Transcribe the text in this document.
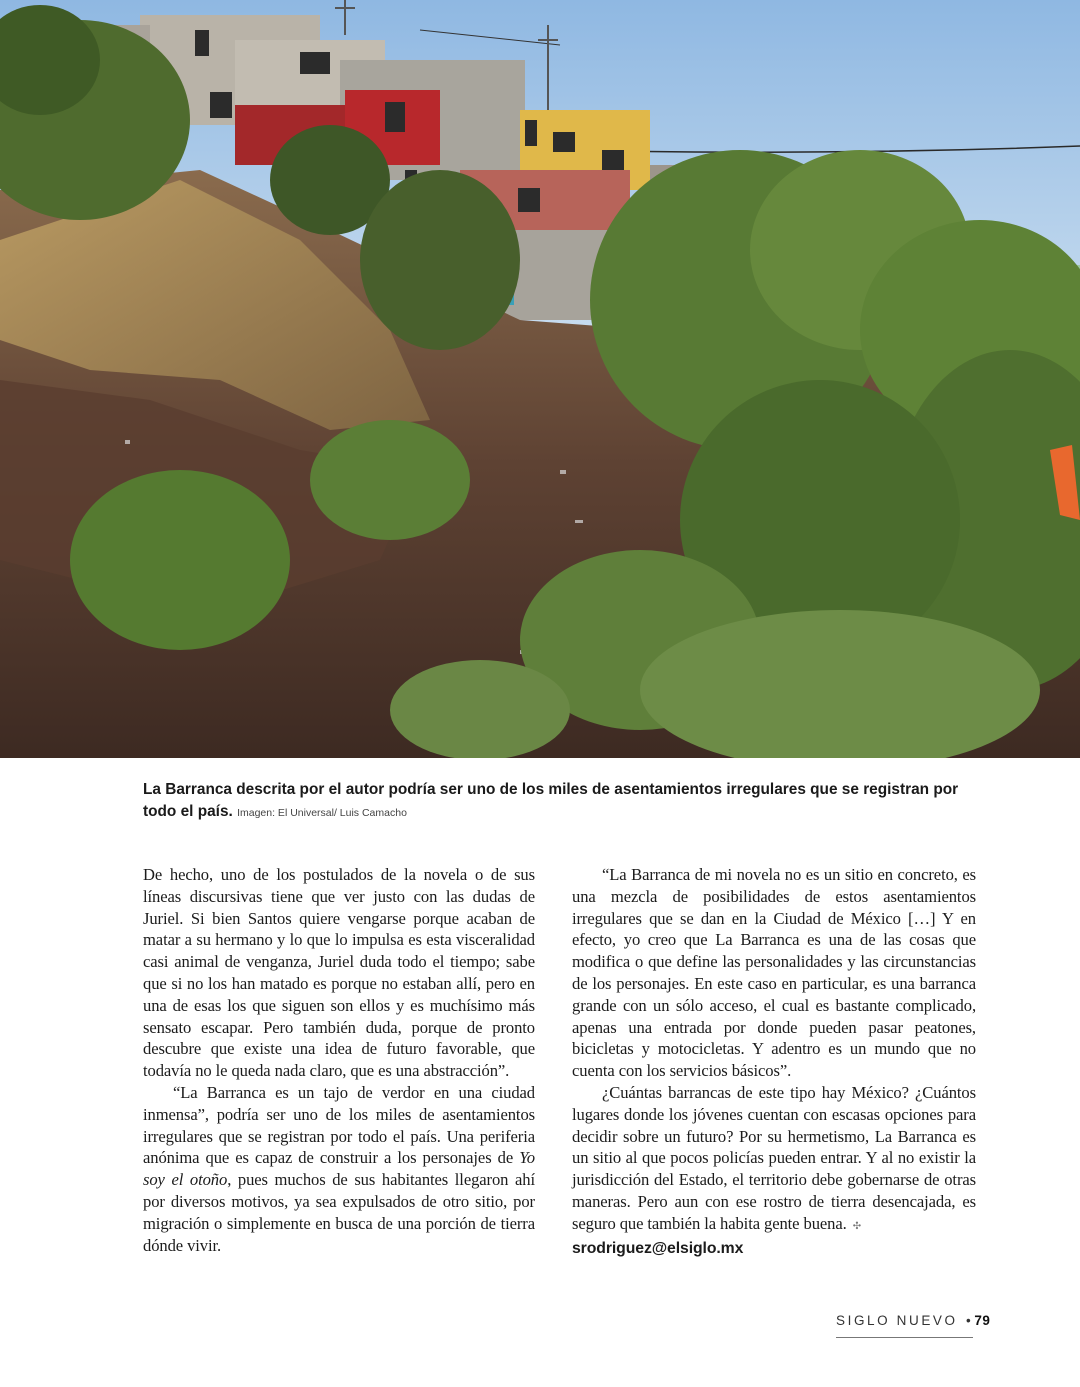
La Barranca descrita por el autor podría ser uno de los miles de asentamientos irregulares que se registran por todo el país. Imagen: El Universal/ Luis Camacho

De hecho, uno de los postulados de la novela o de sus líneas discursivas tiene que ver justo con las dudas de Juriel. Si bien Santos quiere vengarse porque acaban de matar a su hermano y lo que lo impulsa es esta visceralidad casi animal de venganza, Juriel duda todo el tiempo; sabe que si no los han matado es porque no estaban allí, pero en una de esas los que siguen son ellos y es muchísimo más sensato escapar. Pero también duda, porque de pronto descubre que existe una idea de futuro favorable, que todavía no le queda nada claro, que es una abstracción”.

“La Barranca es un tajo de verdor en una ciudad inmensa”, podría ser uno de los miles de asentamientos irregulares que se registran por todo el país. Una periferia anónima que es capaz de construir a los personajes de Yo soy el otoño, pues muchos de sus habitantes llegaron ahí por diversos motivos, ya sea expulsados de otro sitio, por migración o simplemente en busca de una porción de tierra dónde vivir.

“La Barranca de mi novela no es un sitio en concreto, es una mezcla de posibilidades de estos asentamientos irregulares que se dan en la Ciudad de México […] Y en efecto, yo creo que La Barranca es una de las cosas que modifica o que define las personalidades y las circunstancias de los personajes. En este caso en particular, es una barranca grande con un sólo acceso, el cual es bastante complicado, apenas una entrada por donde pueden pasar peatones, bicicletas y motocicletas. Y adentro es un mundo que no cuenta con los servicios básicos”.

¿Cuántas barrancas de este tipo hay México? ¿Cuántos lugares donde los jóvenes cuentan con escasas opciones para decidir sobre un futuro? Por su hermetismo, La Barranca es un sitio al que pocos policías pueden entrar. Y al no existir la jurisdicción del Estado, el territorio debe gobernarse de otras maneras. Pero aun con ese rostro de tierra desencajada, es seguro que también la habita gente buena. ✣

srodriguez@elsiglo.mx
SIGLO NUEVO •79
